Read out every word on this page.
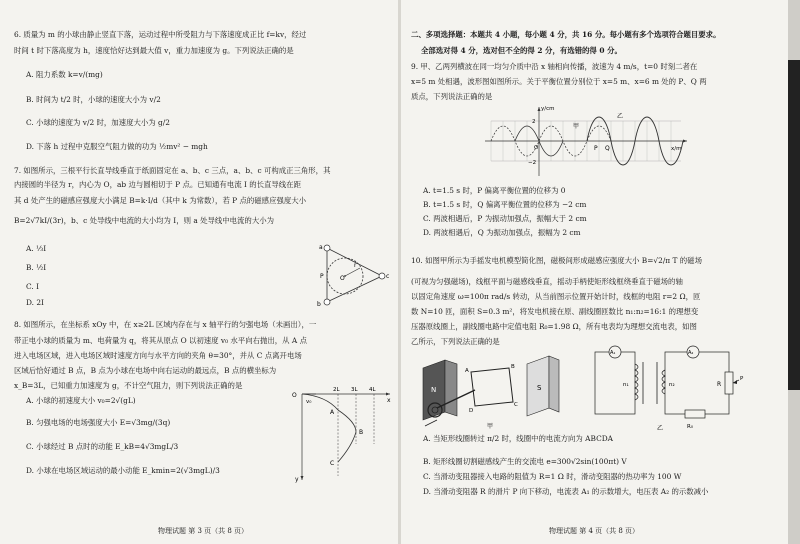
6. 质量为 m 的小球由静止竖直下落，运动过程中所受阻力与下落速度成正比 f=kv，经过
时间 t 时下落高度为 h，速度恰好达到最大值 v，重力加速度为 g。下列说法正确的是
A. 阻力系数 k=v/(mg)
B. 时间为 t/2 时，小球的速度大小为 v/2
C. 小球的速度为 v/2 时，加速度大小为 g/2
D. 下落 h 过程中克服空气阻力做的功为 ½mv² − mgh
7. 如图所示，三根平行长直导线垂直于纸面固定在 a、b、c 三点，a、b、c 可构成正三角形，其
内接圆的半径为 r，内心为 O，ab 边与圆相切于 P 点。已知通有电流 I 的长直导线在距
其 d 处产生的磁感应强度大小满足 B=k·I/d（其中 k 为常数），若 P 点的磁感应强度大小
B=2√7kI/(3r)，b、c 处导线中电流的大小均为 I，则 a 处导线中电流的大小为
A. ⅓I
B. ½I
C. I
D. 2I
a
b
c
O
P
r
8. 如图所示，在坐标系 xOy 中，在 x≥2L 区域内存在与 x 轴平行的匀强电场（未画出），一
带正电小球的质量为 m、电荷量为 q，将其从原点 O 以初速度 v₀ 水平向右抛出，从 A 点
进入电场区域，进入电场区域时速度方向与水平方向的夹角 θ=30°，并从 C 点离开电场
区域后恰好通过 B 点，B 点为小球在电场中向右运动的最远点，B 点的横坐标为
x_B=3L，已知重力加速度为 g，不计空气阻力，则下列说法正确的是
A. 小球的初速度大小 v₀=2√(gL)
B. 匀强电场的电场强度大小 E=√3mg/(3q)
C. 小球经过 B 点时的动能 E_kB=4√3mgL/3
D. 小球在电场区域运动的最小动能 E_kmin=2(√3mgL)/3
O
2L 3L 4L
x
y
A
B
C
v₀
物理试题 第 3 页（共 8 页）
二、多项选择题：本题共 4 小题，每小题 4 分，共 16 分。每小题有多个选项符合题目要求。
全部选对得 4 分，选对但不全的得 2 分，有选错的得 0 分。
9. 甲、乙两列横波在同一均匀介质中沿 x 轴相向传播，波速为 4 m/s，t=0 时刻二者在
x=5 m 处相遇，波形图如图所示。关于平衡位置分别位于 x=5 m、x=6 m 处的 P、Q 两
质点，下列说法正确的是
y/cm
2
−2
x/m
O	P Q
甲
乙
A. t=1.5 s 时，P 偏离平衡位置的位移为 0
B. t=1.5 s 时，Q 偏离平衡位置的位移为 −2 cm
C. 两波相遇后，P 为振动加强点，振幅大于 2 cm
D. 两波相遇后，Q 为振动加强点，振幅为 2 cm
10. 如图甲所示为手摇发电机模型简化图，磁极间形成磁感应强度大小 B=√2/π T 的磁场
(可视为匀强磁场)，线框平面与磁感线垂直，摇动手柄使矩形线框绕垂直于磁场的轴
以固定角速度 ω=100π rad/s 转动，从当前图示位置开始计时，线框的电阻 r=2 Ω，匝
数 N=10 匝，面积 S=0.3 m²，将发电机接在原、副线圈匝数比 n₁:n₂=16:1 的理想变
压器原线圈上，副线圈电路中定值电阻 R₀=1.98 Ω，所有电表均为理想交流电表，如图
乙所示，下列说法正确的是
N	S
A
B
C
D
甲
A₁	A₂
n₁	n₂	R
R₀
P
乙
A. 当矩形线圈转过 π/2 时，线圈中的电流方向为 ABCDA
B. 矩形线圈切割磁感线产生的交流电 e=300√2sin(100πt) V
C. 当滑动变阻器接入电路的阻值为 R=1 Ω 时，滑动变阻器的热功率为 100 W
D. 当滑动变阻器 R 的滑片 P 向下移动，电流表 A₁ 的示数增大，电压表 A₂ 的示数减小
物理试题 第 4 页（共 8 页）
